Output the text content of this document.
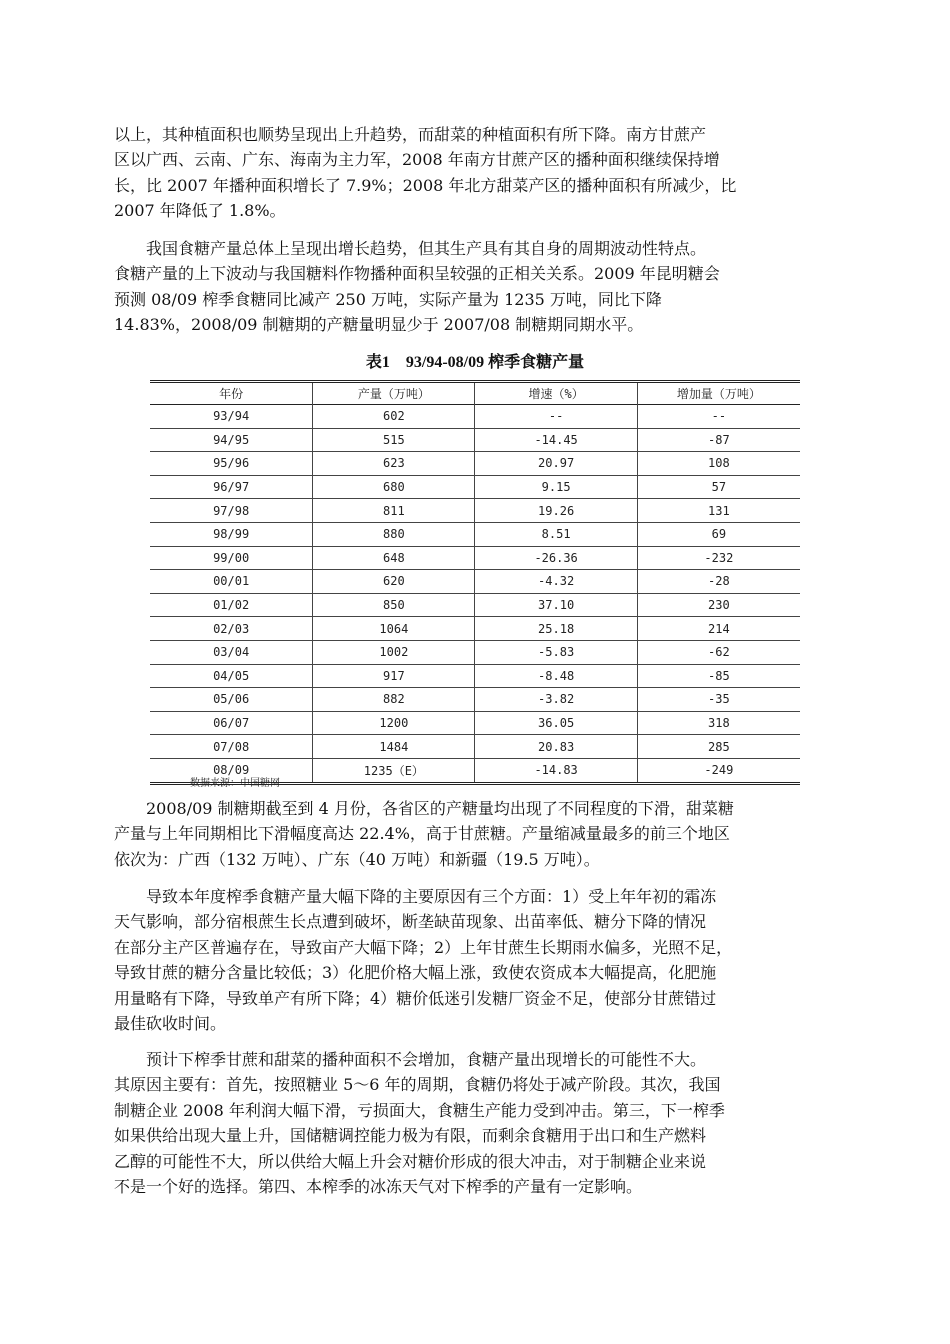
以上，其种植面积也顺势呈现出上升趋势，而甜菜的种植面积有所下降。南方甘蔗产
区以广西、云南、广东、海南为主力军，2008 年南方甘蔗产区的播种面积继续保持增
长，比 2007 年播种面积增长了 7.9%；2008 年北方甜菜产区的播种面积有所减少，比
2007 年降低了 1.8%。

　　我国食糖产量总体上呈现出增长趋势，但其生产具有其自身的周期波动性特点。
食糖产量的上下波动与我国糖料作物播种面积呈较强的正相关关系。2009 年昆明糖会
预测 08/09 榨季食糖同比减产 250 万吨，实际产量为 1235 万吨，同比下降
14.83%，2008/09 制糖期的产糖量明显少于 2007/08 制糖期同期水平。

表1　93/94-08/09 榨季食糖产量
年份	产量（万吨）	增速（%）	增加量（万吨）
93/94	602	--	--
94/95	515	-14.45	-87
95/96	623	20.97	108
96/97	680	9.15	57
97/98	811	19.26	131
98/99	880	8.51	69
99/00	648	-26.36	-232
00/01	620	-4.32	-28
01/02	850	37.10	230
02/03	1064	25.18	214
03/04	1002	-5.83	-62
04/05	917	-8.48	-85
05/06	882	-3.82	-35
06/07	1200	36.05	318
07/08	1484	20.83	285
08/09	1235（E）	-14.83	-249
数据来源：中国糖网

　　2008/09 制糖期截至到 4 月份，各省区的产糖量均出现了不同程度的下滑，甜菜糖
产量与上年同期相比下滑幅度高达 22.4%，高于甘蔗糖。产量缩减量最多的前三个地区
依次为：广西（132 万吨）、广东（40 万吨）和新疆（19.5 万吨）。

　　导致本年度榨季食糖产量大幅下降的主要原因有三个方面：1）受上年年初的霜冻
天气影响，部分宿根蔗生长点遭到破坏，断垄缺苗现象、出苗率低、糖分下降的情况
在部分主产区普遍存在，导致亩产大幅下降；2）上年甘蔗生长期雨水偏多，光照不足，
导致甘蔗的糖分含量比较低；3）化肥价格大幅上涨，致使农资成本大幅提高，化肥施
用量略有下降，导致单产有所下降；4）糖价低迷引发糖厂资金不足，使部分甘蔗错过
最佳砍收时间。

　　预计下榨季甘蔗和甜菜的播种面积不会增加，食糖产量出现增长的可能性不大。
其原因主要有：首先，按照糖业 5～6 年的周期，食糖仍将处于减产阶段。其次，我国
制糖企业 2008 年利润大幅下滑，亏损面大，食糖生产能力受到冲击。第三，下一榨季
如果供给出现大量上升，国储糖调控能力极为有限，而剩余食糖用于出口和生产燃料
乙醇的可能性不大，所以供给大幅上升会对糖价形成的很大冲击，对于制糖企业来说
不是一个好的选择。第四、本榨季的冰冻天气对下榨季的产量有一定影响。
